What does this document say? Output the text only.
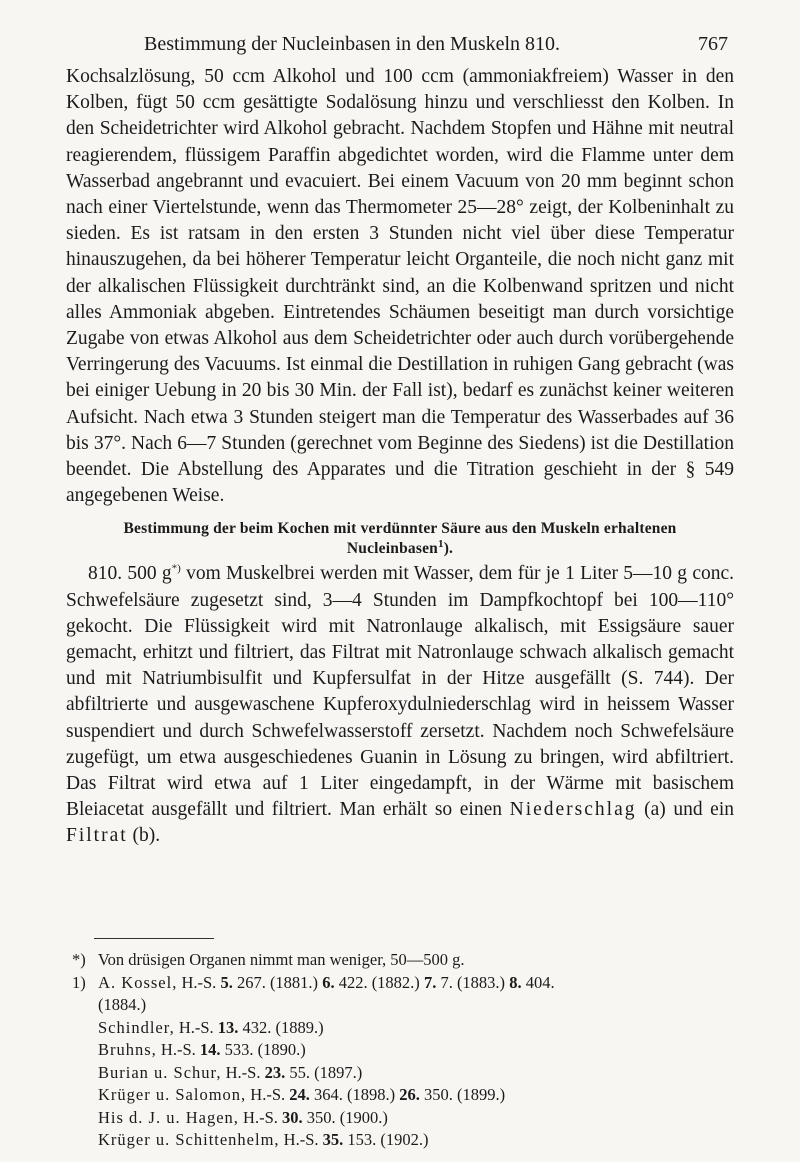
Bestimmung der Nucleinbasen in den Muskeln 810.	767

Kochsalzlösung, 50 ccm Alkohol und 100 ccm (ammoniakfreiem) Wasser in den Kolben, fügt 50 ccm gesättigte Sodalösung hinzu und verschliesst den Kolben. In den Scheidetrichter wird Alkohol gebracht. Nachdem Stopfen und Hähne mit neutral reagierendem, flüssigem Paraffin abgedichtet worden, wird die Flamme unter dem Wasserbad angebrannt und evacuiert. Bei einem Vacuum von 20 mm beginnt schon nach einer Viertelstunde, wenn das Thermometer 25—28° zeigt, der Kolbeninhalt zu sieden. Es ist ratsam in den ersten 3 Stunden nicht viel über diese Temperatur hinauszugehen, da bei höherer Temperatur leicht Organteile, die noch nicht ganz mit der alkalischen Flüssigkeit durchtränkt sind, an die Kolbenwand spritzen und nicht alles Ammoniak abgeben. Eintretendes Schäumen beseitigt man durch vorsichtige Zugabe von etwas Alkohol aus dem Scheidetrichter oder auch durch vorübergehende Verringerung des Vacuums. Ist einmal die Destillation in ruhigen Gang gebracht (was bei einiger Uebung in 20 bis 30 Min. der Fall ist), bedarf es zunächst keiner weiteren Aufsicht. Nach etwa 3 Stunden steigert man die Temperatur des Wasserbades auf 36 bis 37°. Nach 6—7 Stunden (gerechnet vom Beginne des Siedens) ist die Destillation beendet. Die Abstellung des Apparates und die Titration geschieht in der § 549 angegebenen Weise.

Bestimmung der beim Kochen mit verdünnter Säure aus den Muskeln erhaltenen
Nucleinbasen$^1$).

810. 500 g*) vom Muskelbrei werden mit Wasser, dem für je 1 Liter 5—10 g conc. Schwefelsäure zugesetzt sind, 3—4 Stunden im Dampfkochtopf bei 100—110° gekocht. Die Flüssigkeit wird mit Natronlauge alkalisch, mit Essigsäure sauer gemacht, erhitzt und filtriert, das Filtrat mit Natronlauge schwach alkalisch gemacht und mit Natriumbisulfit und Kupfersulfat in der Hitze ausgefällt (S. 744). Der abfiltrierte und ausgewaschene Kupferoxydulniederschlag wird in heissem Wasser suspendiert und durch Schwefelwasserstoff zersetzt. Nachdem noch Schwefelsäure zugefügt, um etwa ausgeschiedenes Guanin in Lösung zu bringen, wird abfiltriert. Das Filtrat wird etwa auf 1 Liter eingedampft, in der Wärme mit basischem Bleiacetat ausgefällt und filtriert. Man erhält so einen Niederschlag (a) und ein Filtrat (b).

*) Von drüsigen Organen nimmt man weniger, 50—500 g.
1) A. Kossel, H.-S. 5. 267. (1881.) 6. 422. (1882.) 7. 7. (1883.) 8. 404.
(1884.)
Schindler, H.-S. 13. 432. (1889.)
Bruhns, H.-S. 14. 533. (1890.)
Burian u. Schur, H.-S. 23. 55. (1897.)
Krüger u. Salomon, H.-S. 24. 364. (1898.) 26. 350. (1899.)
His d. J. u. Hagen, H.-S. 30. 350. (1900.)
Krüger u. Schittenhelm, H.-S. 35. 153. (1902.)
